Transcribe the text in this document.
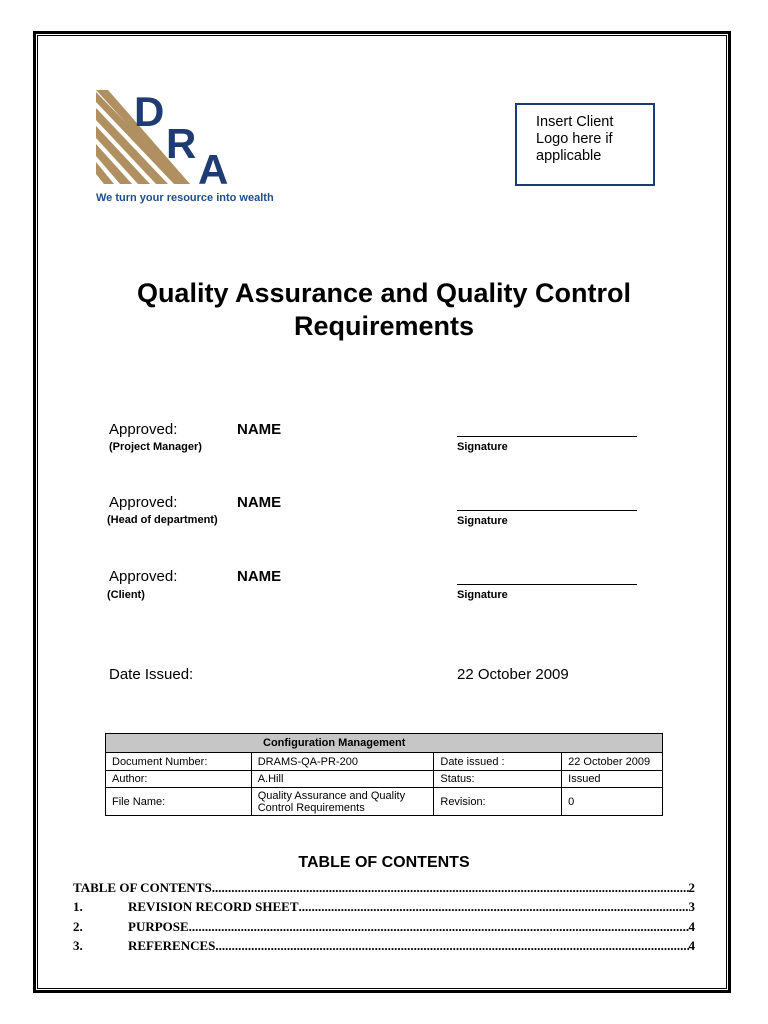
D
R
A
We turn your resource into wealth
Insert Client Logo here if applicable
Quality Assurance and Quality Control Requirements
Approved:	NAME
(Project Manager)	Signature
Approved:	NAME
(Head of department)	Signature
Approved:	NAME
(Client)	Signature
Date Issued:	22 October 2009
Configuration Management			
Document Number:	DRAMS-QA-PR-200	Date issued :	22 October 2009
Author:	A.Hill	Status:	Issued
File Name:	Quality Assurance and Quality Control Requirements	Revision:	0
TABLE OF CONTENTS
TABLE OF CONTENTS .....	2
1.	REVISION RECORD SHEET .....	3
2.	PURPOSE .....	4
3.	REFERENCES .....	4
